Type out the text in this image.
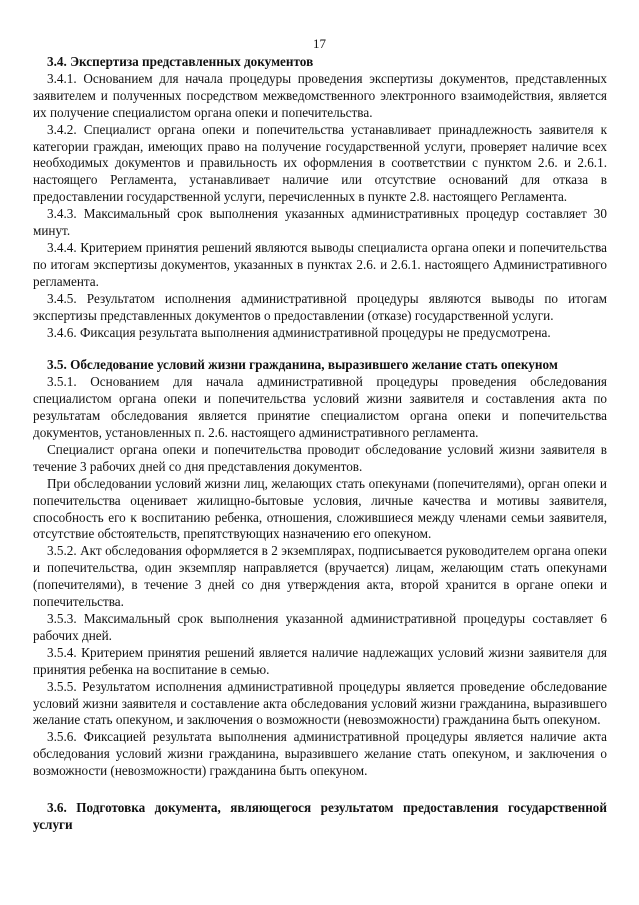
17

3.4. Экспертиза представленных документов

3.4.1. Основанием для начала процедуры проведения экспертизы документов, представленных заявителем и полученных посредством межведомственного электронного взаимодействия, является их получение специалистом органа опеки и попечительства.

3.4.2. Специалист органа опеки и попечительства устанавливает принадлежность заявителя к категории граждан, имеющих право на получение государственной услуги, проверяет наличие всех необходимых документов и правильность их оформления в соответствии с пунктом 2.6. и 2.6.1. настоящего Регламента, устанавливает наличие или отсутствие оснований для отказа в предоставлении государственной услуги, перечисленных в пункте 2.8. настоящего Регламента.

3.4.3. Максимальный срок выполнения указанных административных процедур составляет 30 минут.

3.4.4. Критерием принятия решений являются выводы специалиста органа опеки и попечительства по итогам экспертизы документов, указанных в пунктах 2.6. и 2.6.1. настоящего Административного регламента.

3.4.5. Результатом исполнения административной процедуры являются выводы по итогам экспертизы представленных документов о предоставлении (отказе) государственной услуги.

3.4.6. Фиксация результата выполнения административной процедуры не предусмотрена.

3.5. Обследование условий жизни гражданина, выразившего желание стать опекуном

3.5.1. Основанием для начала административной процедуры проведения обследования специалистом органа опеки и попечительства условий жизни заявителя и составления акта по результатам обследования является принятие специалистом органа опеки и попечительства документов, установленных п. 2.6. настоящего административного регламента.

Специалист органа опеки и попечительства проводит обследование условий жизни заявителя в течение 3 рабочих дней со дня представления документов.

При обследовании условий жизни лиц, желающих стать опекунами (попечителями), орган опеки и попечительства оценивает жилищно-бытовые условия, личные качества и мотивы заявителя, способность его к воспитанию ребенка, отношения, сложившиеся между членами семьи заявителя, отсутствие обстоятельств, препятствующих назначению его опекуном.

3.5.2. Акт обследования оформляется в 2 экземплярах, подписывается руководителем органа опеки и попечительства, один экземпляр направляется (вручается) лицам, желающим стать опекунами (попечителями), в течение 3 дней со дня утверждения акта, второй хранится в органе опеки и попечительства.

3.5.3. Максимальный срок выполнения указанной административной процедуры составляет 6 рабочих дней.

3.5.4. Критерием принятия решений является наличие надлежащих условий жизни заявителя для принятия ребенка на воспитание в семью.

3.5.5. Результатом исполнения административной процедуры является проведение обследование условий жизни заявителя и составление акта обследования условий жизни гражданина, выразившего желание стать опекуном, и заключения о возможности (невозможности) гражданина быть опекуном.

3.5.6. Фиксацией результата выполнения административной процедуры является наличие акта обследования условий жизни гражданина, выразившего желание стать опекуном, и заключения о возможности (невозможности) гражданина быть опекуном.

3.6. Подготовка документа, являющегося результатом предоставления государственной услуги
